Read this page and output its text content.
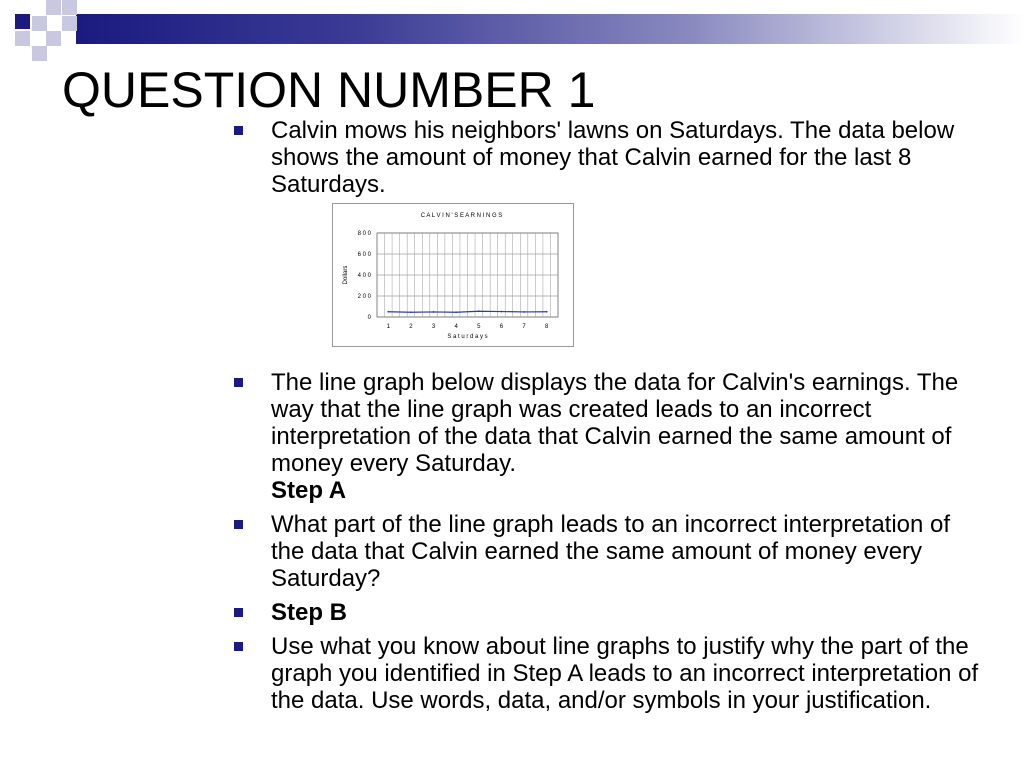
QUESTION NUMBER 1
Calvin mows his neighbors' lawns on Saturdays. The data below shows the amount of money that Calvin earned for the last 8 Saturdays.
0
2 0 0
4 0 0
6 0 0
8 0 0
1	2	3	4	5	6	7	8
C A L V I N ' S E A R N I N G S
S a t u r d a y s
Dollars
The line graph below displays the data for Calvin's earnings. The way that the line graph was created leads to an incorrect interpretation of the data that Calvin earned the same amount of money every Saturday.
Step A
What part of the line graph leads to an incorrect interpretation of the data that Calvin earned the same amount of money every Saturday?
Step B
Use what you know about line graphs to justify why the part of the graph you identified in Step A leads to an incorrect interpretation of the data. Use words, data, and/or symbols in your justification.
